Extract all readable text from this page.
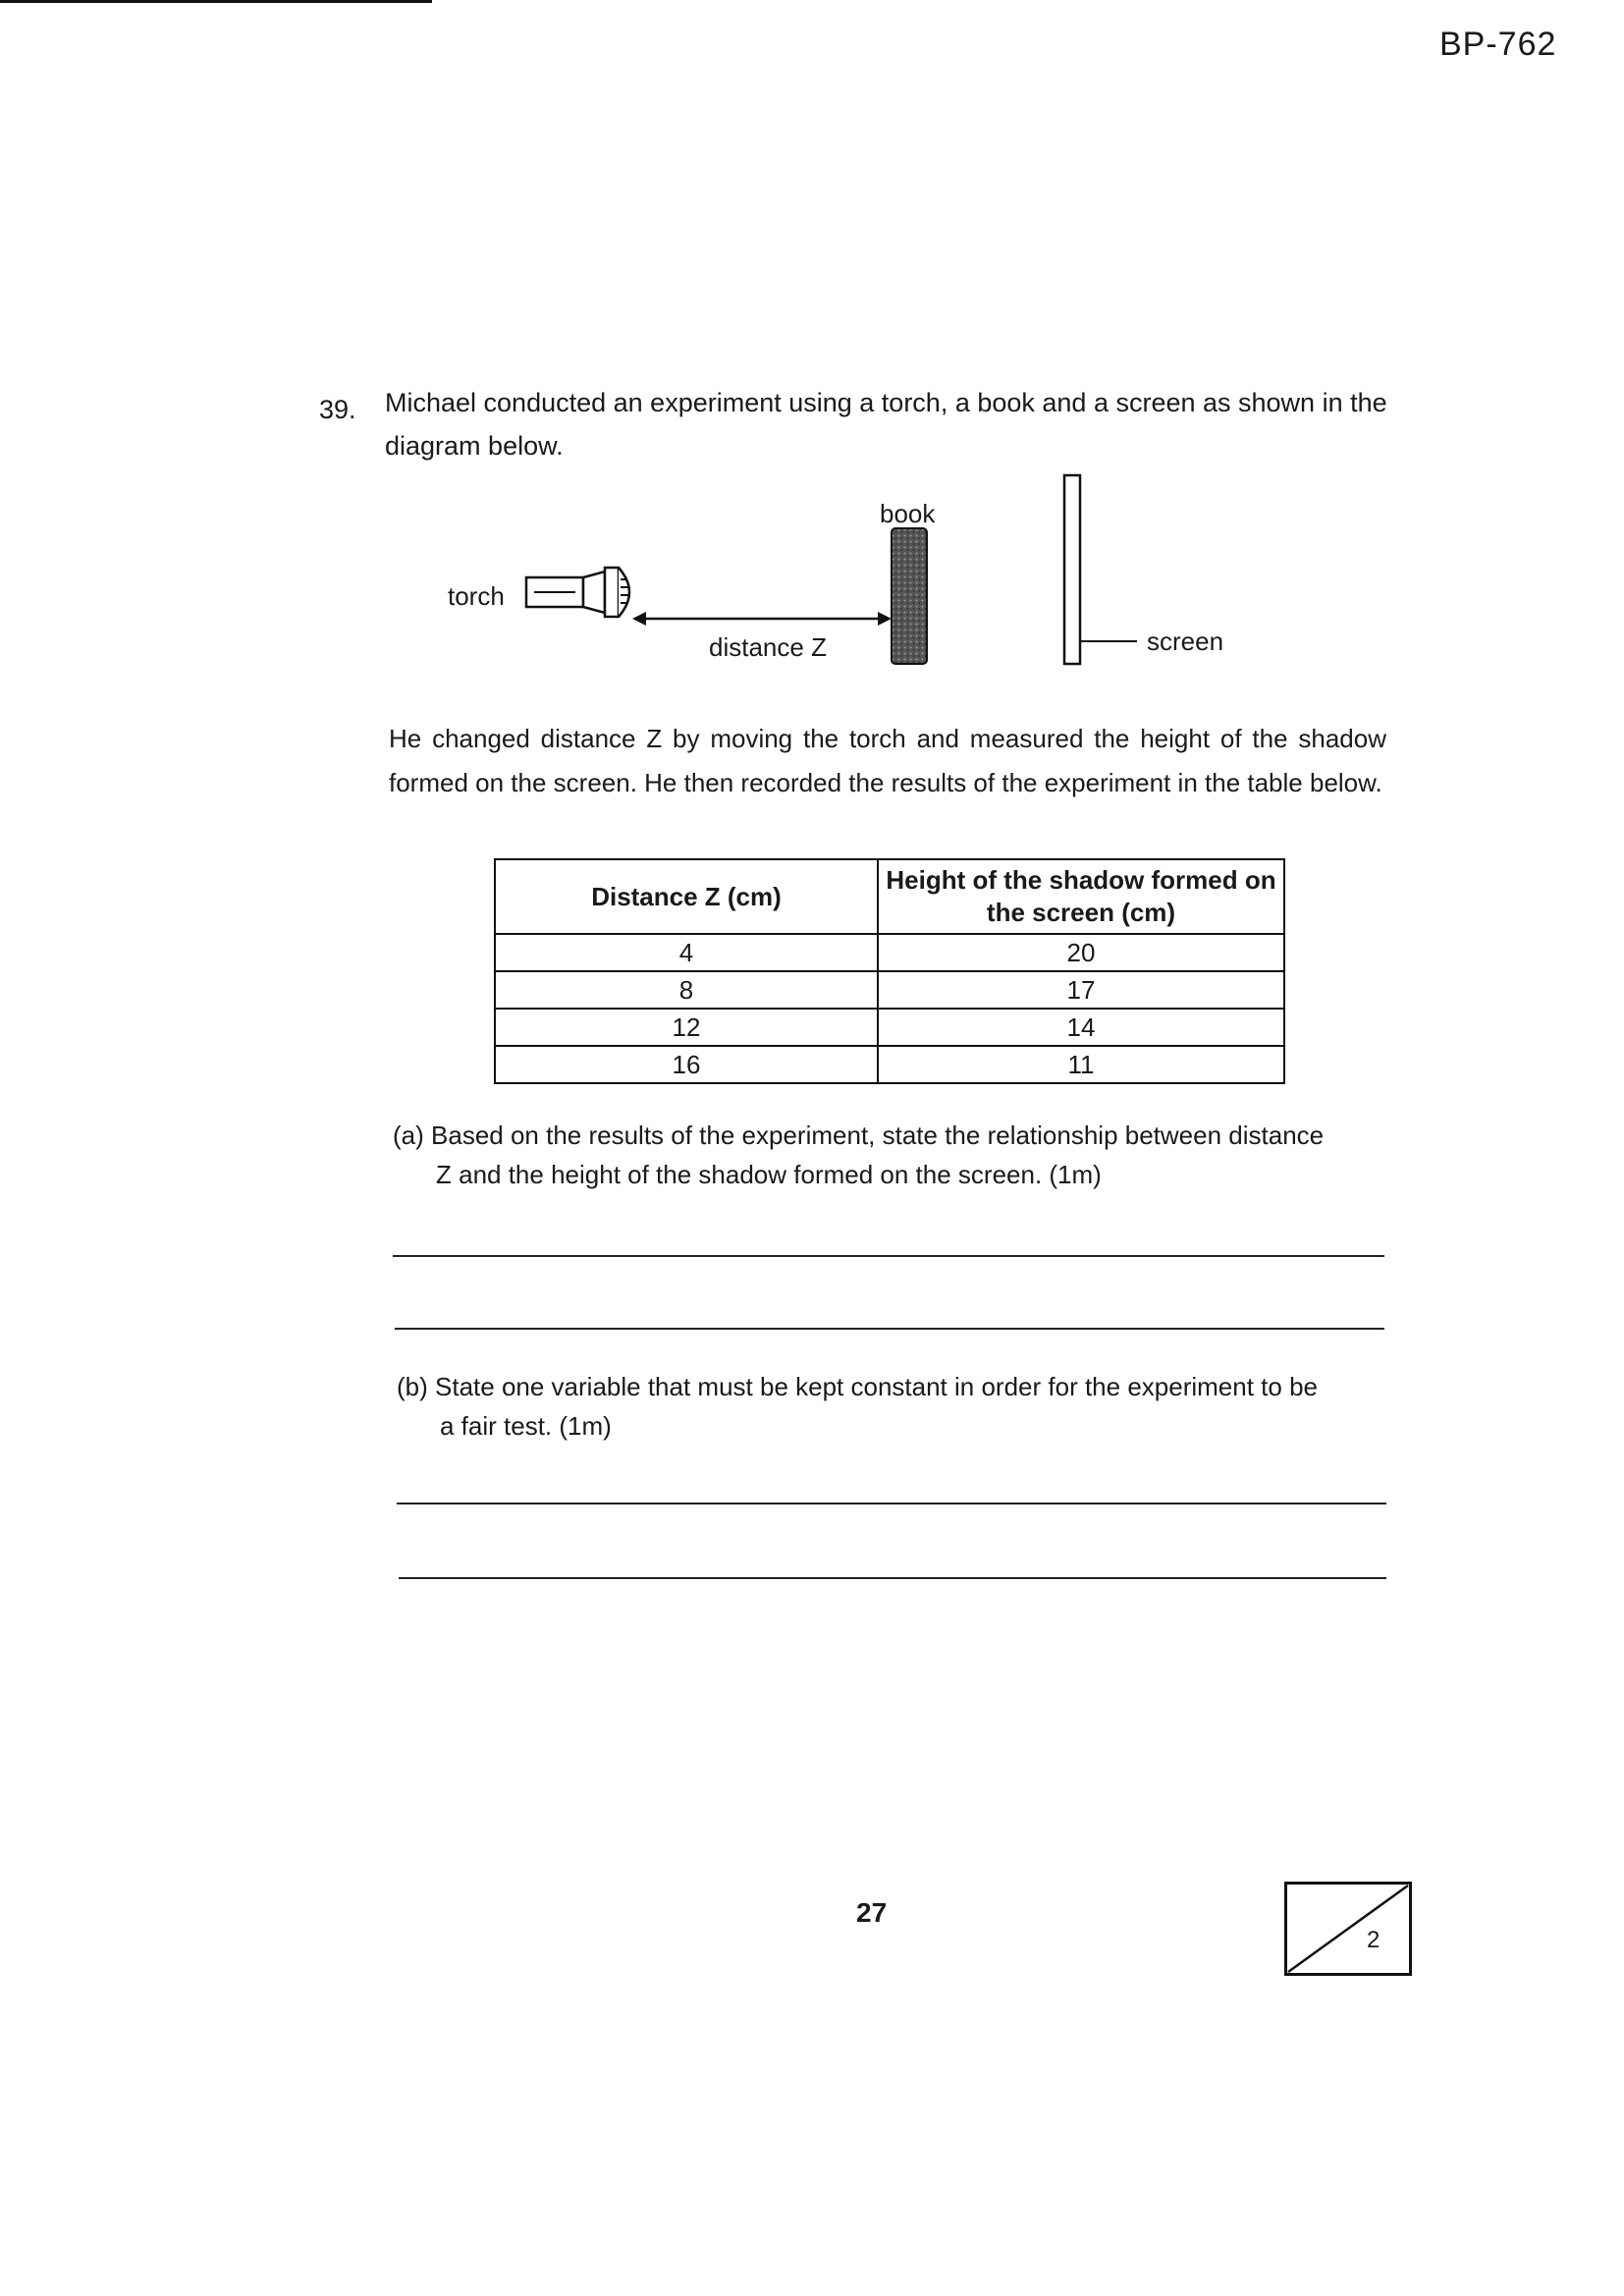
BP-762
39. Michael conducted an experiment using a torch, a book and a screen as shown in the diagram below.
torch
book
distance Z	screen
He changed distance Z by moving the torch and measured the height of the shadow formed on the screen. He then recorded the results of the experiment in the table below.
Distance Z (cm)	Height of the shadow formed on the screen (cm)
4	20
8	17
12	14
16	11
(a) Based on the results of the experiment, state the relationship between distance
Z and the height of the shadow formed on the screen. (1m)
(b) State one variable that must be kept constant in order for the experiment to be
a fair test. (1m)
27
2
